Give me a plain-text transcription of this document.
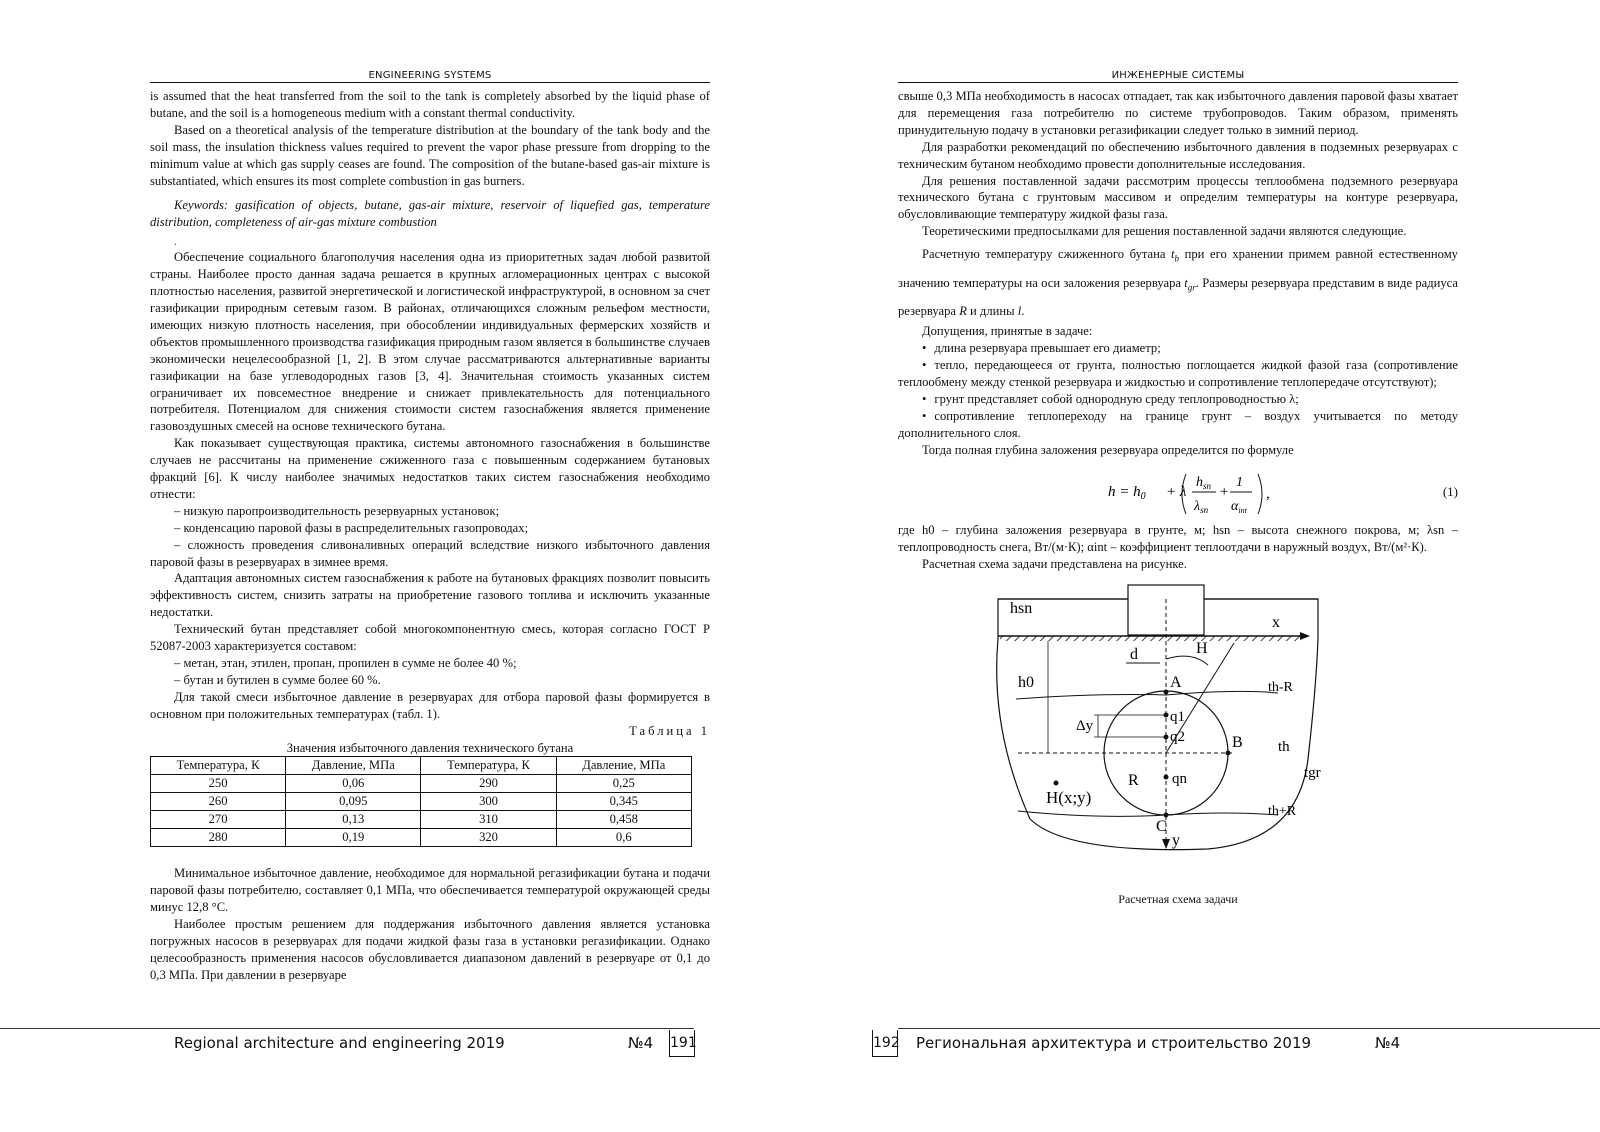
ENGINEERING SYSTEMS

is assumed that the heat transferred from the soil to the tank is completely absorbed by the liquid phase of butane, and the soil is a homogeneous medium with a constant thermal conductivity.

Based on a theoretical analysis of the temperature distribution at the boundary of the tank body and the soil mass, the insulation thickness values required to prevent the vapor phase pressure from dropping to the minimum value at which gas supply ceases are found. The composition of the butane-based gas-air mixture is substantiated, which ensures its most complete combustion in gas burners.

Keywords: gasification of objects, butane, gas-air mixture, reservoir of liquefied gas, temperature distribution, completeness of air-gas mixture combustion

.

Обеспечение социального благополучия населения одна из приоритетных задач любой развитой страны. Наиболее просто данная задача решается в крупных агломерационных центрах с высокой плотностью населения, развитой энергетической и логистической инфраструктурой, в основном за счет газификации природным сетевым газом. В районах, отличающихся сложным рельефом местности, имеющих низкую плотность населения, при обособлении индивидуальных фермерских хозяйств и объектов промышленного производства газификация природным газом является в большинстве случаев экономически нецелесообразной [1, 2]. В этом случае рассматриваются альтернативные варианты газификации на базе углеводородных газов [3, 4]. Значительная стоимость указанных систем ограничивает их повсеместное внедрение и снижает привлекательность для потенциального потребителя. Потенциалом для снижения стоимости систем газоснабжения является применение газовоздушных смесей на основе технического бутана.

Как показывает существующая практика, системы автономного газоснабжения в большинстве случаев не рассчитаны на применение сжиженного газа с повышенным содержанием бутановых фракций [6]. К числу наиболее значимых недостатков таких систем газоснабжения необходимо отнести:

– низкую паропроизводительность резервуарных установок;

– конденсацию паровой фазы в распределительных газопроводах;

– сложность проведения сливоналивных операций вследствие низкого избыточного давления паровой фазы в резервуарах в зимнее время.

Адаптация автономных систем газоснабжения к работе на бутановых фракциях позволит повысить эффективность систем, снизить затраты на приобретение газового топлива и исключить указанные недостатки.

Технический бутан представляет собой многокомпонентную смесь, которая согласно ГОСТ Р 52087-2003 характеризуется составом:

– метан, этан, этилен, пропан, пропилен в сумме не более 40 %;

– бутан и бутилен в сумме более 60 %.

Для такой смеси избыточное давление в резервуарах для отбора паровой фазы формируется в основном при положительных температурах (табл. 1).

Таблица 1

Значения избыточного давления технического бутана

Температура, К	Давление, МПа	Температура, К	Давление, МПа
250	0,06	290	0,25
260	0,095	300	0,345
270	0,13	310	0,458
280	0,19	320	0,6

Минимальное избыточное давление, необходимое для нормальной регазификации бутана и подачи паровой фазы потребителю, составляет 0,1 МПа, что обеспечивается температурой окружающей среды минус 12,8 °С.

Наиболее простым решением для поддержания избыточного давления является установка погружных насосов в резервуарах для подачи жидкой фазы газа в установки регазификации. Однако целесообразность применения насосов обусловливается диапазоном давлений в резервуаре от 0,1 до 0,3 МПа. При давлении в резервуаре

Regional architecture and engineering 2019	№4 191
ИНЖЕНЕРНЫЕ СИСТЕМЫ

свыше 0,3 МПа необходимость в насосах отпадает, так как избыточного давления паровой фазы хватает для перемещения газа потребителю по системе трубопроводов. Таким образом, применять принудительную подачу в установки регазификации следует только в зимний период.

Для разработки рекомендаций по обеспечению избыточного давления в подземных резервуарах с техническим бутаном необходимо провести дополнительные исследования.

Для решения поставленной задачи рассмотрим процессы теплообмена подземного резервуара технического бутана с грунтовым массивом и определим температуры на контуре резервуара, обусловливающие температуру жидкой фазы газа.

Теоретическими предпосылками для решения поставленной задачи являются следующие.

Расчетную температуру сжиженного бутана $t_b$ при его хранении примем равной естественному значению температуры на оси заложения резервуара $t_{gr}$. Размеры резервуара представим в виде радиуса резервуара R и длины l.

Допущения, принятые в задаче:

• длина резервуара превышает его диаметр;

• тепло, передающееся от грунта, полностью поглощается жидкой фазой газа (сопротивление теплообмену между стенкой резервуара и жидкостью и сопротивление теплопередаче отсутствуют);

• грунт представляет собой однородную среду теплопроводностью λ;

• сопротивление теплопереходу на границе грунт – воздух учитывается по методу дополнительного слоя.

Тогда полная глубина заложения резервуара определится по формуле

$h = h_0 + \lambda$
$h_{sn}$
$\lambda_{sn}$
+
1
$\alpha_{int}$
,	(1)

где h0 – глубина заложения резервуара в грунте, м; hsn – высота снежного покрова, м; λsn – теплопроводность снега, Вт/(м·К); αint – коэффициент теплоотдачи в наружный воздух, Вт/(м²·К).

Расчетная схема задачи представлена на рисунке.

hsn
x
d	H
h0	A	th-R
Δy
q1
q2	B th
tgr
R qn
H(x;y)
th+R
C
y
Расчетная схема задачи
192 Региональная архитектура и строительство 2019	№4
